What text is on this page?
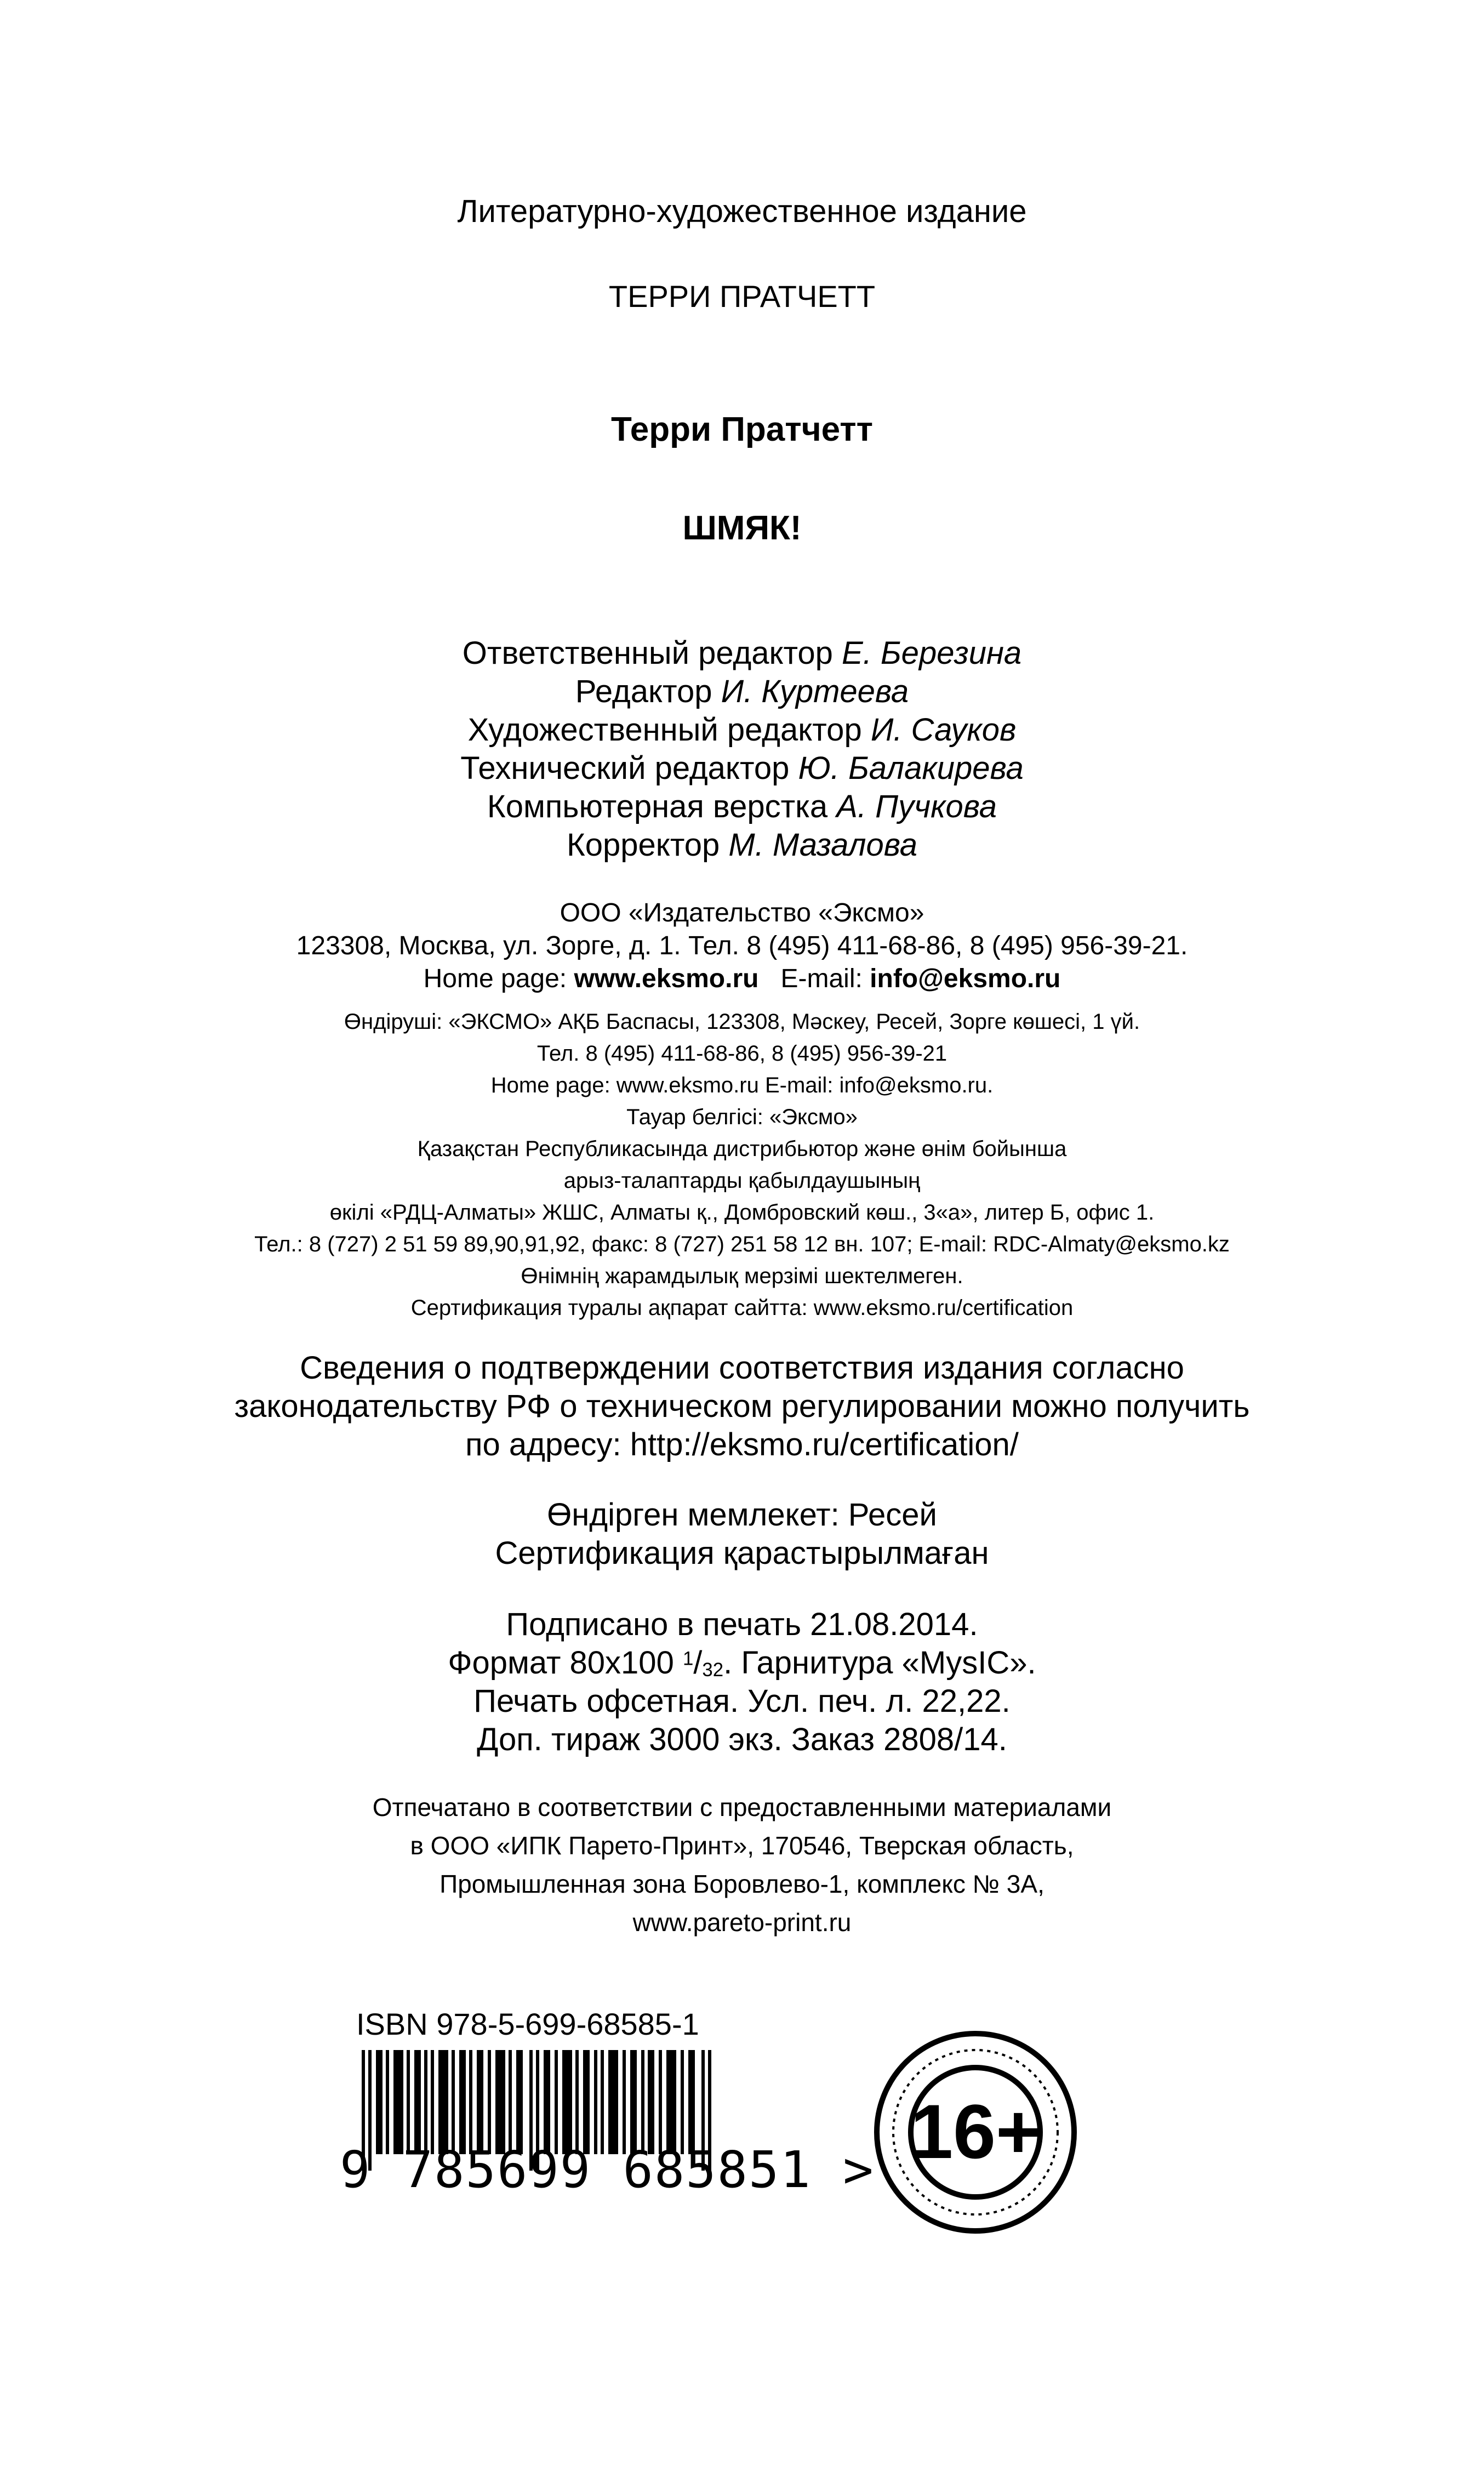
Литературно-художественное издание
ТЕРРИ ПРАТЧЕТТ
Терри Пратчетт
ШМЯК!
Ответственный редактор Е. Березина
Редактор И. Куртеева
Художественный редактор И. Сауков
Технический редактор Ю. Балакирева
Компьютерная верстка А. Пучкова
Корректор М. Мазалова
ООО «Издательство «Эксмо»
123308, Москва, ул. Зорге, д. 1. Тел. 8 (495) 411-68-86, 8 (495) 956-39-21.
Home page: www.eksmo.ru E-mail: info@eksmo.ru
Өндіруші: «ЭКСМО» АҚБ Баспасы, 123308, Мәскеу, Ресей, Зорге көшесі, 1 үй.
Тел. 8 (495) 411-68-86, 8 (495) 956-39-21
Home page: www.eksmo.ru E-mail: info@eksmo.ru.
Тауар белгісі: «Эксмо»
Қазақстан Республикасында дистрибьютор және өнім бойынша
арыз-талаптарды қабылдаушының
өкілі «РДЦ-Алматы» ЖШС, Алматы қ., Домбровский көш., 3«а», литер Б, офис 1.
Тел.: 8 (727) 2 51 59 89,90,91,92, факс: 8 (727) 251 58 12 вн. 107; E-mail: RDC-Almaty@eksmo.kz
Өнімнің жарамдылық мерзімі шектелмеген.
Сертификация туралы ақпарат сайтта: www.eksmo.ru/certification
Сведения о подтверждении соответствия издания согласно
законодательству РФ о техническом регулировании можно получить
по адресу: http://eksmo.ru/certification/
Өндірген мемлекет: Ресей
Сертификация қарастырылмаған
Подписано в печать 21.08.2014.
Формат 80x100 $^1/_{32}$. Гарнитура «MysIC».
Печать офсетная. Усл. печ. л. 22,22.
Доп. тираж 3000 экз. Заказ 2808/14.
Отпечатано в соответствии с предоставленными материалами
в ООО «ИПК Парето-Принт», 170546, Тверская область,
Промышленная зона Боровлево-1, комплекс № 3А,
www.pareto-print.ru
ISBN 978-5-699-68585-1
9 785699 685851 > 16+
